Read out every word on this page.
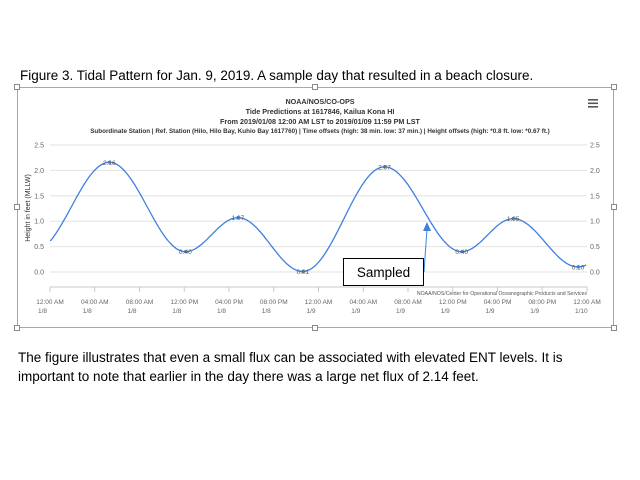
Figure 3. Tidal Pattern for Jan. 9, 2019. A sample day that resulted in a beach closure.
NOAA/NOS/CO-OPS
Tide Predictions at 1617846, Kailua Kona HI
From 2019/01/08 12:00 AM LST to 2019/01/09 11:59 PM LST
Subordinate Station | Ref. Station (Hilo, Hilo Bay, Kuhio Bay 1617760) | Time offsets (high: 38 min. low: 37 min.) | Height offsets (high: *0.8 ft. low: *0.67 ft.)
2.5
2.0
1.5
1.0
0.5
0.0
2.5
2.0
1.5
1.0
0.5
0.0
Height in feet (MLLW)
12:00 AM
1/8
04:00 AM
1/8
08:00 AM
1/8
12:00 PM
1/8
04:00 PM
1/8
08:00 PM
1/8
12:00 AM
1/9
04:00 AM
1/9
08:00 AM
1/9
12:00 PM
1/9
04:00 PM
1/9
08:00 PM
1/9
12:00 AM
1/10
2.16
0.40
1.07
0.01
2.07
0.40
1.05
0.10
NOAA/NOS/Center for Operational Oceanographic Products and Services
Sampled
The figure illustrates that even a small flux can be associated with elevated ENT levels. It is important to note that earlier in the day there was a large net flux of 2.14 feet.
